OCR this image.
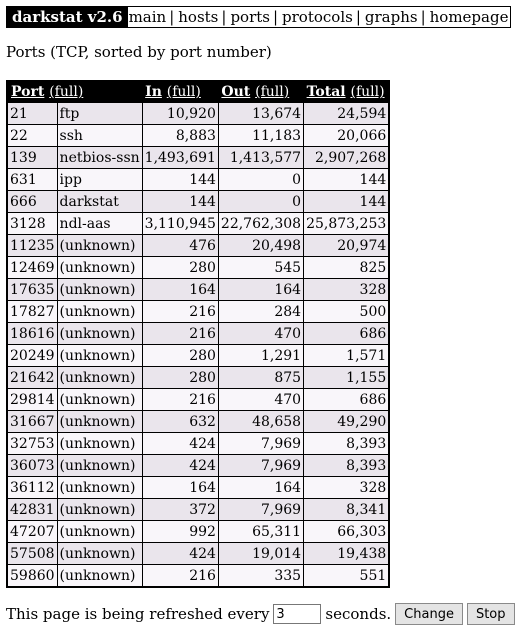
darkstat v2.6 main | hosts | ports | protocols | graphs | homepage
Ports (TCP, sorted by port number)
Port (full)		In (full)	Out (full)	Total (full)
21	ftp	10,920	13,674	24,594
22	ssh	8,883	11,183	20,066
139	netbios-ssn	1,493,691	1,413,577	2,907,268
631	ipp	144	0	144
666	darkstat	144	0	144
3128	ndl-aas	3,110,945	22,762,308	25,873,253
11235	(unknown)	476	20,498	20,974
12469	(unknown)	280	545	825
17635	(unknown)	164	164	328
17827	(unknown)	216	284	500
18616	(unknown)	216	470	686
20249	(unknown)	280	1,291	1,571
21642	(unknown)	280	875	1,155
29814	(unknown)	216	470	686
31667	(unknown)	632	48,658	49,290
32753	(unknown)	424	7,969	8,393
36073	(unknown)	424	7,969	8,393
36112	(unknown)	164	164	328
42831	(unknown)	372	7,969	8,341
47207	(unknown)	992	65,311	66,303
57508	(unknown)	424	19,014	19,438
59860	(unknown)	216	335	551
This page is being refreshed every
3	seconds.	Change	Stop
